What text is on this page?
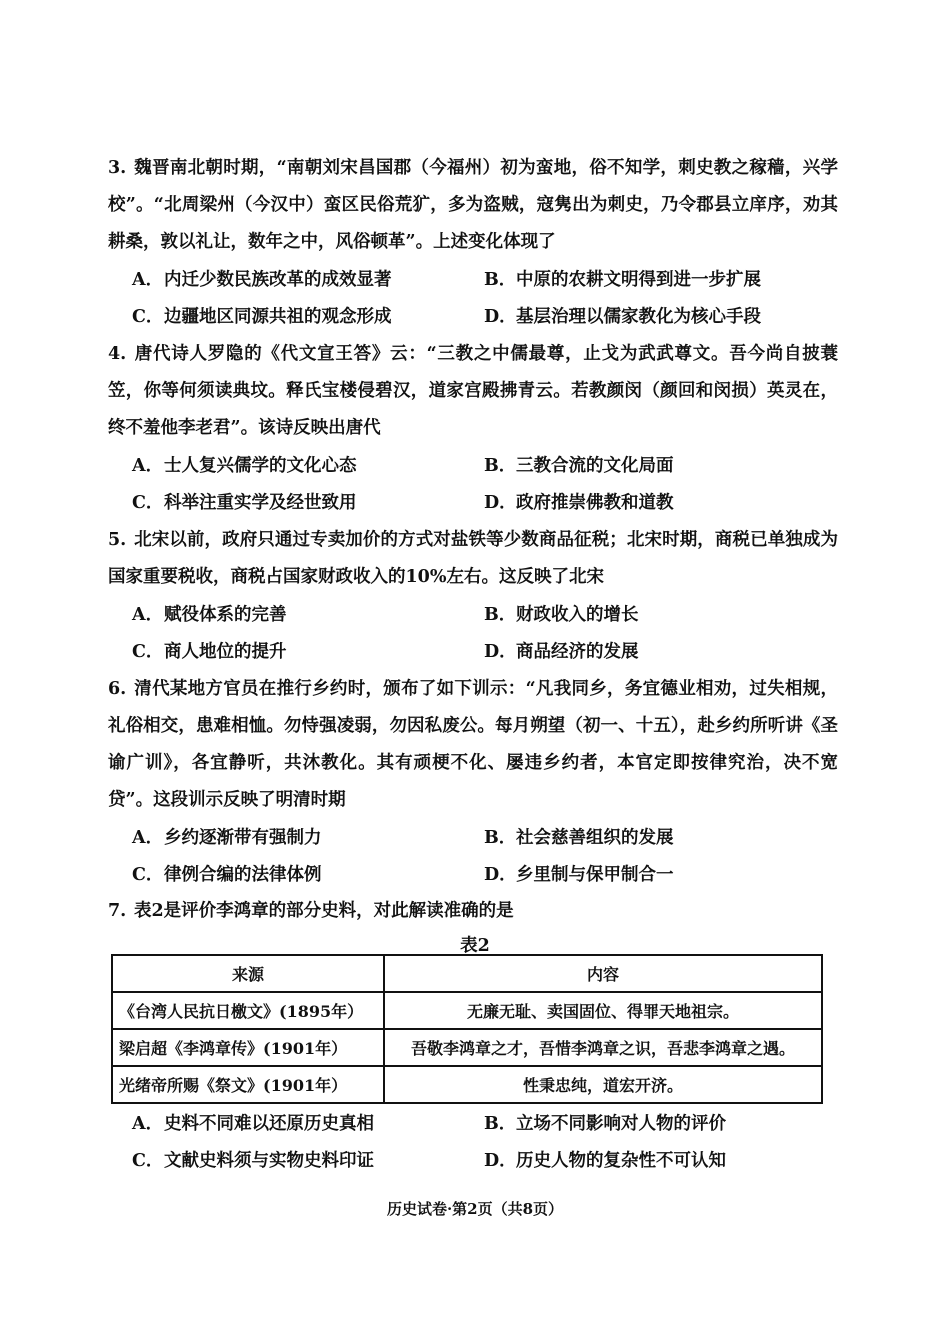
3. 魏晋南北朝时期，“南朝刘宋昌国郡（今福州）初为蛮地，俗不知学，刺史教之稼穑，兴学校”。“北周梁州（今汉中）蛮区民俗荒犷，多为盗贼，寇隽出为刺史，乃令郡县立庠序，劝其耕桑，敦以礼让，数年之中，风俗顿革”。上述变化体现了
A．内迁少数民族改革的成效显著	B．中原的农耕文明得到进一步扩展
C．边疆地区同源共祖的观念形成	D．基层治理以儒家教化为核心手段
4. 唐代诗人罗隐的《代文宣王答》云：“三教之中儒最尊，止戈为武武尊文。吾今尚自披蓑笠，你等何须读典坟。释氏宝楼侵碧汉，道家宫殿拂青云。若教颜闵（颜回和闵损）英灵在，终不羞他李老君”。该诗反映出唐代
A．士人复兴儒学的文化心态	B．三教合流的文化局面
C．科举注重实学及经世致用	D．政府推崇佛教和道教
5. 北宋以前，政府只通过专卖加价的方式对盐铁等少数商品征税；北宋时期，商税已单独成为国家重要税收，商税占国家财政收入的10%左右。这反映了北宋
A．赋役体系的完善	B．财政收入的增长
C．商人地位的提升	D．商品经济的发展
6. 清代某地方官员在推行乡约时，颁布了如下训示：“凡我同乡，务宜德业相劝，过失相规，礼俗相交，患难相恤。勿恃强凌弱，勿因私废公。每月朔望（初一、十五），赴乡约所听讲《圣谕广训》，各宜静听，共沐教化。其有顽梗不化、屡违乡约者，本官定即按律究治，决不宽贷”。这段训示反映了明清时期
A．乡约逐渐带有强制力	B．社会慈善组织的发展
C．律例合编的法律体例	D．乡里制与保甲制合一
7. 表2是评价李鸿章的部分史料，对此解读准确的是
表2
来源	内容
《台湾人民抗日檄文》(1895年）	无廉无耻、卖国固位、得罪天地祖宗。
梁启超《李鸿章传》(1901年）	吾敬李鸿章之才，吾惜李鸿章之识，吾悲李鸿章之遇。
光绪帝所赐《祭文》(1901年）	性秉忠纯，道宏开济。
A．史料不同难以还原历史真相	B．立场不同影响对人物的评价
C．文献史料须与实物史料印证	D．历史人物的复杂性不可认知
历史试卷·第2页（共8页）
